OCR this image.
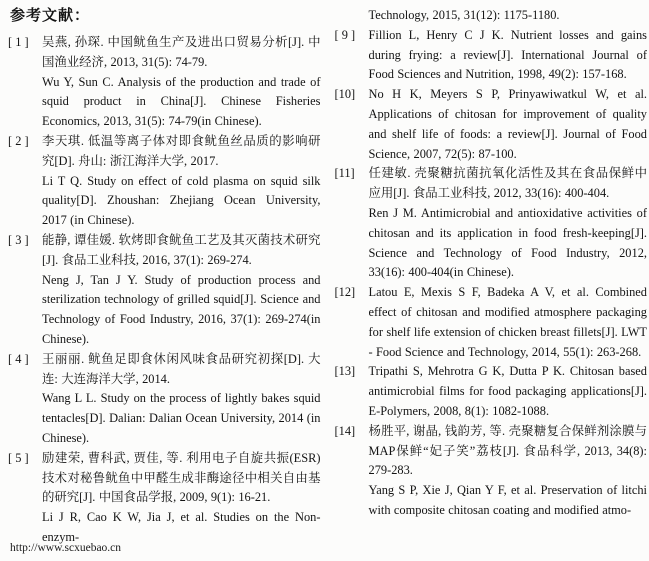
参考文献：
[ 1 ]	吴燕, 孙琛. 中国鱿鱼生产及进出口贸易分析[J]. 中国渔业经济, 2013, 31(5): 74-79.

Wu Y, Sun C. Analysis of the production and trade of squid product in China[J]. Chinese Fisheries Economics, 2013, 31(5): 74-79(in Chinese).

[ 2 ]	李天琪. 低温等离子体对即食鱿鱼丝品质的影响研究[D]. 舟山: 浙江海洋大学, 2017.

Li T Q. Study on effect of cold plasma on squid silk quality[D]. Zhoushan: Zhejiang Ocean University, 2017 (in Chinese).

[ 3 ]	能静, 谭佳媛. 软烤即食鱿鱼工艺及其灭菌技术研究[J]. 食品工业科技, 2016, 37(1): 269-274.

Neng J, Tan J Y. Study of production process and sterilization technology of grilled squid[J]. Science and Technology of Food Industry, 2016, 37(1): 269-274(in Chinese).

[ 4 ]	王丽丽. 鱿鱼足即食休闲风味食品研究初探[D]. 大连: 大连海洋大学, 2014.

Wang L L. Study on the process of lightly bakes squid tentacles[D]. Dalian: Dalian Ocean University, 2014 (in Chinese).

[ 5 ]	励建荣, 曹科武, 贾佳, 等. 利用电子自旋共振(ESR)技术对秘鲁鱿鱼中甲醛生成非酶途径中相关自由基的研究[J]. 中国食品学报, 2009, 9(1): 16-21.

Li J R, Cao K W, Jia J, et al. Studies on the Non-enzym-

Technology, 2015, 31(12): 1175-1180.

[ 9 ]	Fillion L, Henry C J K. Nutrient losses and gains during frying: a review[J]. International Journal of Food Sciences and Nutrition, 1998, 49(2): 157-168.

[10]	No H K, Meyers S P, Prinyawiwatkul W, et al. Applications of chitosan for improvement of quality and shelf life of foods: a review[J]. Journal of Food Science, 2007, 72(5): 87-100.

[11]	任建敏. 壳聚糖抗菌抗氧化活性及其在食品保鲜中应用[J]. 食品工业科技, 2012, 33(16): 400-404.

Ren J M. Antimicrobial and antioxidative activities of chitosan and its application in food fresh-keeping[J]. Science and Technology of Food Industry, 2012, 33(16): 400-404(in Chinese).

[12]	Latou E, Mexis S F, Badeka A V, et al. Combined effect of chitosan and modified atmosphere packaging for shelf life extension of chicken breast fillets[J]. LWT - Food Science and Technology, 2014, 55(1): 263-268.

[13]	Tripathi S, Mehrotra G K, Dutta P K. Chitosan based antimicrobial films for food packaging applications[J]. E-Polymers, 2008, 8(1): 1082-1088.

[14]	杨胜平, 谢晶, 钱韵芳, 等. 壳聚糖复合保鲜剂涂膜与MAP保鲜“妃子笑”荔枝[J]. 食品科学, 2013, 34(8): 279-283.

Yang S P, Xie J, Qian Y F, et al. Preservation of litchi with composite chitosan coating and modified atmo-

http://www.scxuebao.cn
